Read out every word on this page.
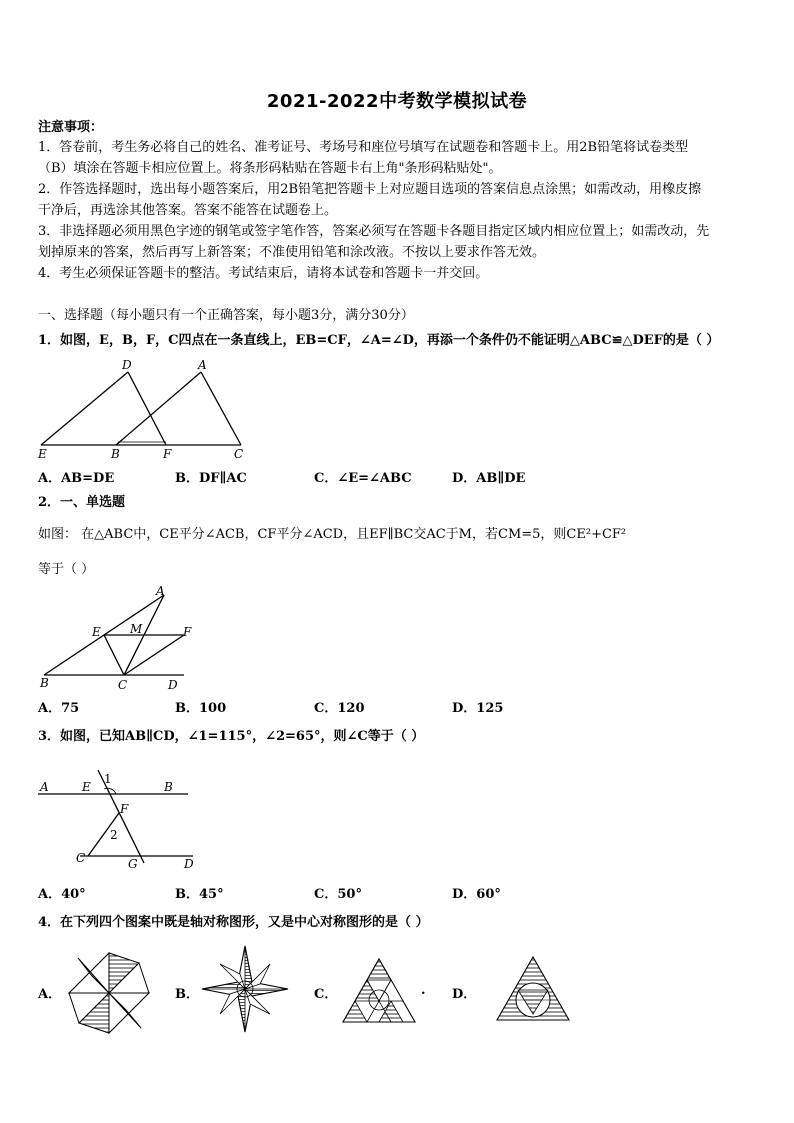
2021-2022中考数学模拟试卷
注意事项：
1．答卷前，考生务必将自己的姓名、准考证号、考场号和座位号填写在试题卷和答题卡上。用2B铅笔将试卷类型
（B）填涂在答题卡相应位置上。将条形码粘贴在答题卡右上角"条形码粘贴处"。
2．作答选择题时，选出每小题答案后，用2B铅笔把答题卡上对应题目选项的答案信息点涂黑；如需改动，用橡皮擦
干净后，再选涂其他答案。答案不能答在试题卷上。
3．非选择题必须用黑色字迹的钢笔或签字笔作答，答案必须写在答题卡各题目指定区域内相应位置上；如需改动，先
划掉原来的答案，然后再写上新答案；不准使用铅笔和涂改液。不按以上要求作答无效。
4．考生必须保证答题卡的整洁。考试结束后，请将本试卷和答题卡一并交回。
一、选择题（每小题只有一个正确答案，每小题3分，满分30分）
1．如图，E，B，F，C四点在一条直线上，EB=CF，∠A=∠D，再添一个条件仍不能证明△ABC≌△DEF的是（ ）
D	A
E	B	F	C
A．AB=DE	B．DF∥AC	C．∠E=∠ABC	D．AB∥DE
2．一、单选题
如图： 在△ABC中，CE平分∠ACB，CF平分∠ACD，且EF∥BC交AC于M，若CM=5，则CE²+CF²
等于（ ）
A
E M	F
B	C	D
A．75	B．100	C．120	D．125
3．如图，已知AB∥CD，∠1=115°，∠2=65°，则∠C等于（ ）
A	E
1
B
F
2
C	G	D
A．40°	B．45°	C．50°	D．60°
4．在下列四个图案中既是轴对称图形，又是中心对称图形的是（ ）
A．	B．	C．	. D．
